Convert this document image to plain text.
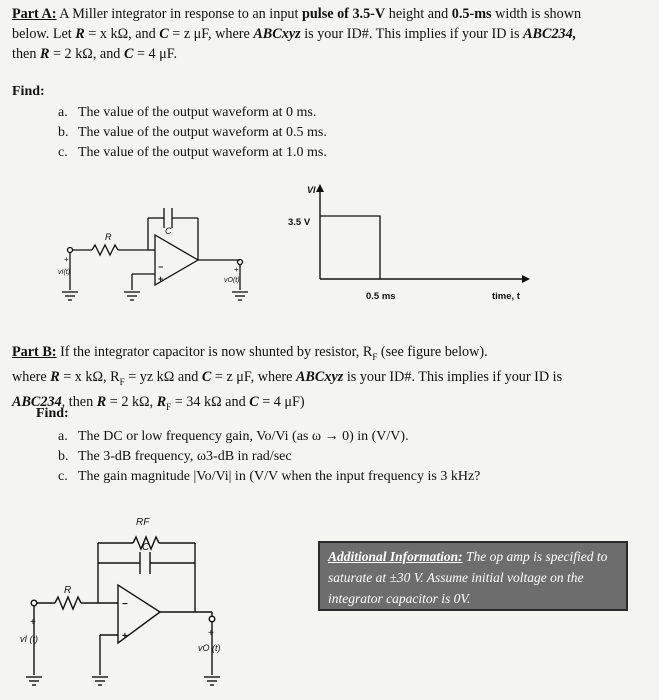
Part A: A Miller integrator in response to an input pulse of 3.5-V height and 0.5-ms width is shown
below. Let R = x kΩ, and C = z μF, where ABCxyz is your ID#. This implies if your ID is ABC234,
then R = 2 kΩ, and C = 4 μF.
Find:
a. The value of the output waveform at 0 ms.
b. The value of the output waveform at 0.5 ms.
c. The value of the output waveform at 1.0 ms.
−
+
R
C
+
vI(t)	+
vO(t)
VI
3.5 V
0.5 ms	time, t
Part B: If the integrator capacitor is now shunted by resistor, $R_F$ (see figure below).
where R = x kΩ, $R_F$ = yz kΩ and C = z μF, where ABCxyz is your ID#. This implies if your ID is
ABC234, then R = 2 kΩ, $R_F = 34$ kΩ and C = 4 μF)
Find:
a. The DC or low frequency gain, Vo/Vi (as ω → 0) in (V/V).
b. The 3-dB frequency, ω3-dB in rad/sec
c. The gain magnitude |Vo/Vi| in (V/V when the input frequency is 3 kHz?
−
+
RF
C
R
+
vI (t)	+
vO (t)
Additional Information: The op amp is specified to saturate at ±30 V. Assume initial voltage on the integrator capacitor is 0V.
